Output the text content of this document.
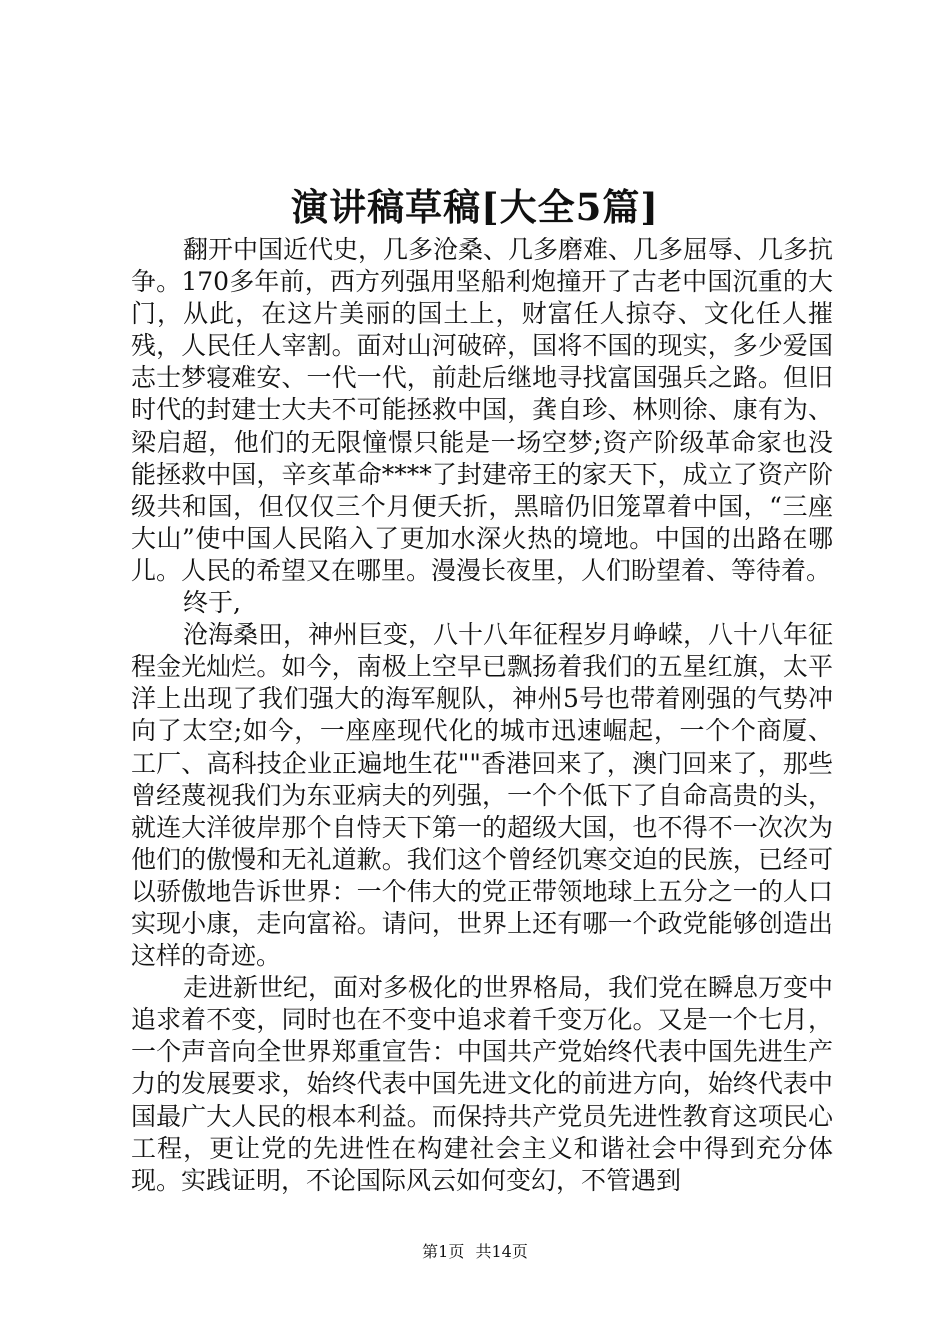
演讲稿草稿[大全5篇]

翻开中国近代史，几多沧桑、几多磨难、几多屈辱、几多抗争。170多年前，西方列强用坚船利炮撞开了古老中国沉重的大门，从此，在这片美丽的国土上，财富任人掠夺、文化任人摧残，人民任人宰割。面对山河破碎，国将不国的现实，多少爱国志士梦寝难安、一代一代，前赴后继地寻找富国强兵之路。但旧时代的封建士大夫不可能拯救中国，龚自珍、林则徐、康有为、梁启超，他们的无限憧憬只能是一场空梦;资产阶级革命家也没能拯救中国，辛亥革命****了封建帝王的家天下，成立了资产阶级共和国，但仅仅三个月便夭折，黑暗仍旧笼罩着中国，“三座大山”使中国人民陷入了更加水深火热的境地。中国的出路在哪儿。人民的希望又在哪里。漫漫长夜里，人们盼望着、等待着。

终于,

沧海桑田，神州巨变，八十八年征程岁月峥嵘，八十八年征程金光灿烂。如今，南极上空早已飘扬着我们的五星红旗，太平洋上出现了我们强大的海军舰队，神州5号也带着刚强的气势冲向了太空;如今，一座座现代化的城市迅速崛起，一个个商厦、工厂、高科技企业正遍地生花""香港回来了，澳门回来了，那些曾经蔑视我们为东亚病夫的列强，一个个低下了自命高贵的头，就连大洋彼岸那个自恃天下第一的超级大国，也不得不一次次为他们的傲慢和无礼道歉。我们这个曾经饥寒交迫的民族，已经可以骄傲地告诉世界：一个伟大的党正带领地球上五分之一的人口实现小康，走向富裕。请问，世界上还有哪一个政党能够创造出这样的奇迹。

走进新世纪，面对多极化的世界格局，我们党在瞬息万变中追求着不变，同时也在不变中追求着千变万化。又是一个七月，一个声音向全世界郑重宣告：中国共产党始终代表中国先进生产力的发展要求，始终代表中国先进文化的前进方向，始终代表中国最广大人民的根本利益。而保持共产党员先进性教育这项民心工程，更让党的先进性在构建社会主义和谐社会中得到充分体现。实践证明，不论国际风云如何变幻，不管遇到

第1页 共14页
